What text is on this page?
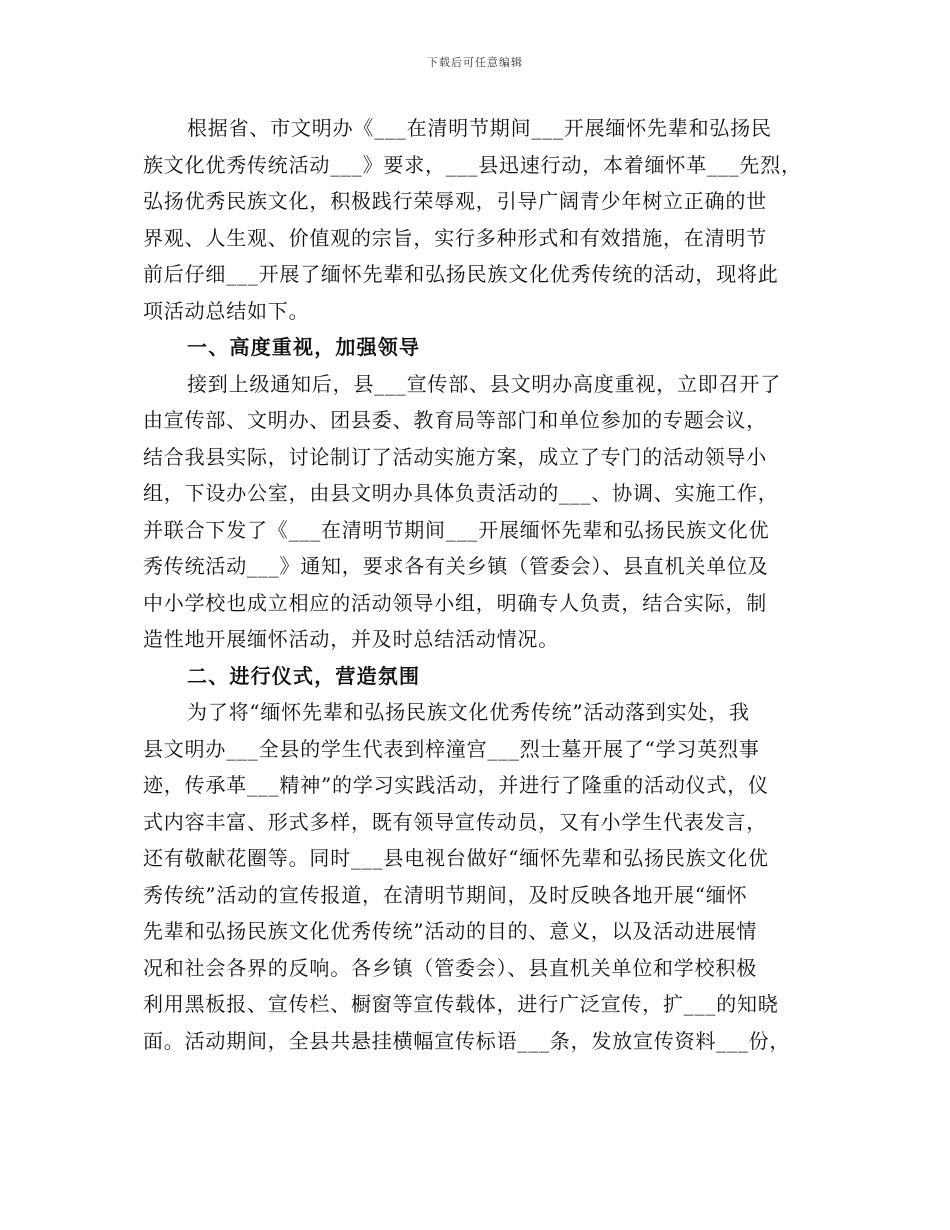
下载后可任意编辑
根据省、市文明办《___在清明节期间___开展缅怀先辈和弘扬民
族文化优秀传统活动___》要求，___县迅速行动，本着缅怀革___先烈，
弘扬优秀民族文化，积极践行荣辱观，引导广阔青少年树立正确的世
界观、人生观、价值观的宗旨，实行多种形式和有效措施，在清明节
前后仔细___开展了缅怀先辈和弘扬民族文化优秀传统的活动，现将此
项活动总结如下。
一、高度重视，加强领导
接到上级通知后，县___宣传部、县文明办高度重视，立即召开了
由宣传部、文明办、团县委、教育局等部门和单位参加的专题会议，
结合我县实际，讨论制订了活动实施方案，成立了专门的活动领导小
组，下设办公室，由县文明办具体负责活动的___、协调、实施工作，
并联合下发了《___在清明节期间___开展缅怀先辈和弘扬民族文化优
秀传统活动___》通知，要求各有关乡镇（管委会）、县直机关单位及
中小学校也成立相应的活动领导小组，明确专人负责，结合实际，制
造性地开展缅怀活动，并及时总结活动情况。
二、进行仪式，营造氛围
为了将“缅怀先辈和弘扬民族文化优秀传统”活动落到实处，我
县文明办___全县的学生代表到梓潼宫___烈士墓开展了“学习英烈事
迹，传承革___精神”的学习实践活动，并进行了隆重的活动仪式，仪
式内容丰富、形式多样，既有领导宣传动员，又有小学生代表发言，
还有敬献花圈等。同时___县电视台做好“缅怀先辈和弘扬民族文化优
秀传统”活动的宣传报道，在清明节期间，及时反映各地开展“缅怀
先辈和弘扬民族文化优秀传统”活动的目的、意义，以及活动进展情
况和社会各界的反响。各乡镇（管委会）、县直机关单位和学校积极
利用黑板报、宣传栏、橱窗等宣传载体，进行广泛宣传，扩___的知晓
面。活动期间，全县共悬挂横幅宣传标语___条，发放宣传资料___份，
